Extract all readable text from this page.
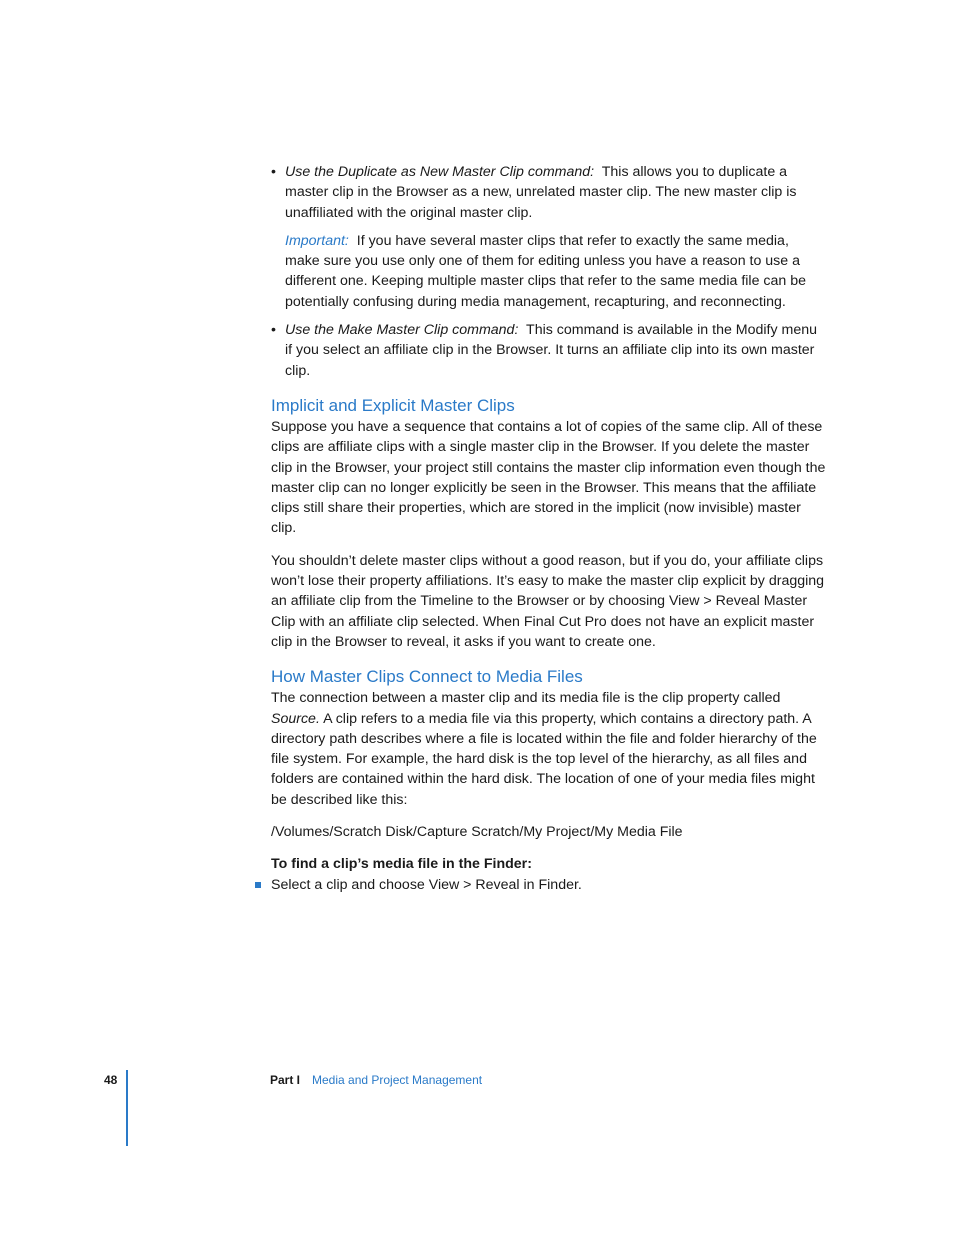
• Use the Duplicate as New Master Clip command: This allows you to duplicate a master clip in the Browser as a new, unrelated master clip. The new master clip is unaffiliated with the original master clip.
Important: If you have several master clips that refer to exactly the same media, make sure you use only one of them for editing unless you have a reason to use a different one. Keeping multiple master clips that refer to the same media file can be potentially confusing during media management, recapturing, and reconnecting.
• Use the Make Master Clip command: This command is available in the Modify menu if you select an affiliate clip in the Browser. It turns an affiliate clip into its own master clip.
Implicit and Explicit Master Clips

Suppose you have a sequence that contains a lot of copies of the same clip. All of these clips are affiliate clips with a single master clip in the Browser. If you delete the master clip in the Browser, your project still contains the master clip information even though the master clip can no longer explicitly be seen in the Browser. This means that the affiliate clips still share their properties, which are stored in the implicit (now invisible) master clip.

You shouldn’t delete master clips without a good reason, but if you do, your affiliate clips won’t lose their property affiliations. It’s easy to make the master clip explicit by dragging an affiliate clip from the Timeline to the Browser or by choosing View > Reveal Master Clip with an affiliate clip selected. When Final Cut Pro does not have an explicit master clip in the Browser to reveal, it asks if you want to create one.

How Master Clips Connect to Media Files

The connection between a master clip and its media file is the clip property called Source. A clip refers to a media file via this property, which contains a directory path. A directory path describes where a file is located within the file and folder hierarchy of the file system. For example, the hard disk is the top level of the hierarchy, as all files and folders are contained within the hard disk. The location of one of your media files might be described like this:

/Volumes/Scratch Disk/Capture Scratch/My Project/My Media File
To find a clip’s media file in the Finder:
Select a clip and choose View > Reveal in Finder.
48	Part I Media and Project Management
